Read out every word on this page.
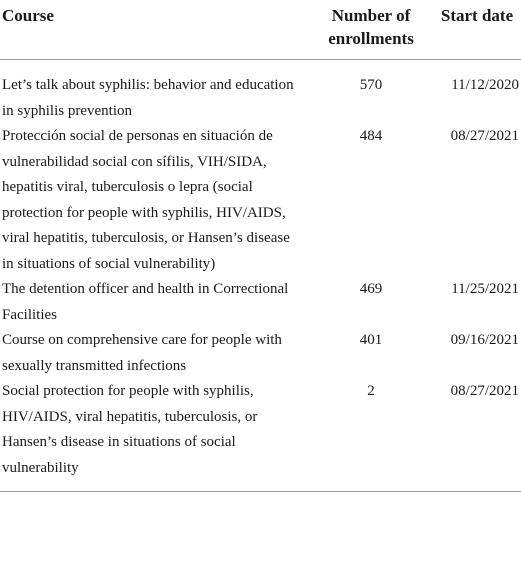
Course	Number of enrollments	Start date
Let’s talk about syphilis: behavior and education in syphilis prevention	570	11/12/2020
Protección social de personas en situación de vulnerabilidad social con sífilis, VIH/SIDA, hepatitis viral, tuberculosis o lepra (social protection for people with syphilis, HIV/AIDS, viral hepatitis, tuberculosis, or Hansen’s disease in situations of social vulnerability)	484	08/27/2021
The detention officer and health in Correctional Facilities	469	11/25/2021
Course on comprehensive care for people with sexually transmitted infections	401	09/16/2021
Social protection for people with syphilis, HIV/AIDS, viral hepatitis, tuberculosis, or Hansen’s disease in situations of social vulnerability	2	08/27/2021
